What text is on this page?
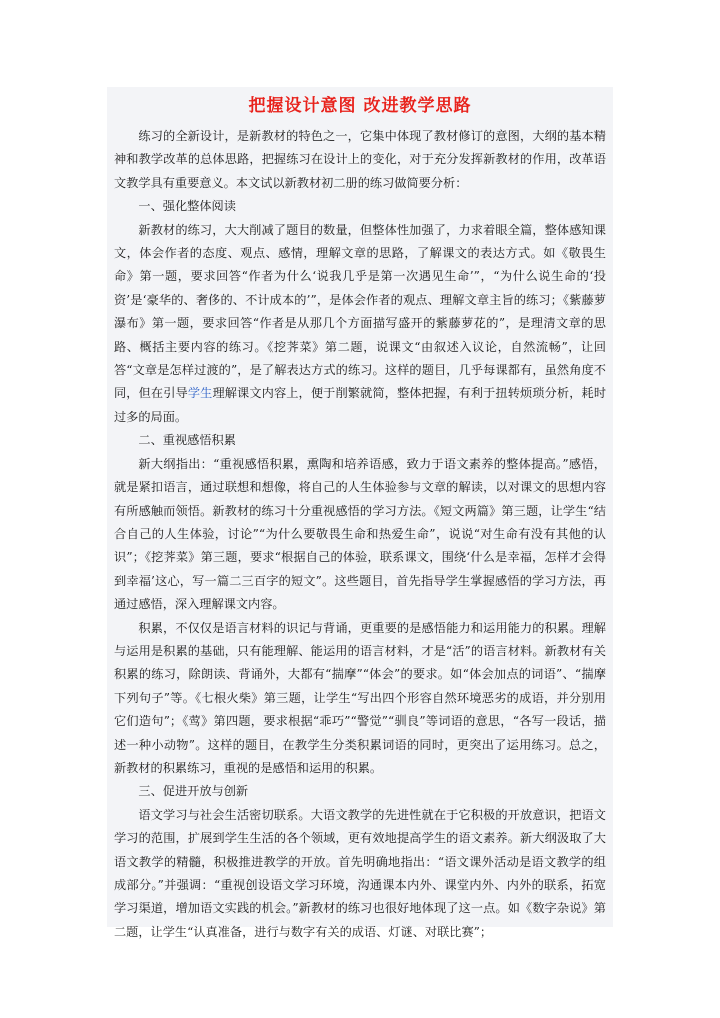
把握设计意图 改进教学思路

练习的全新设计，是新教材的特色之一，它集中体现了教材修订的意图，大纲的基本精神和教学改革的总体思路，把握练习在设计上的变化，对于充分发挥新教材的作用，改革语文教学具有重要意义。本文试以新教材初二册的练习做简要分析：

一、强化整体阅读

新教材的练习，大大削减了题目的数量，但整体性加强了，力求着眼全篇，整体感知课文，体会作者的态度、观点、感情，理解文章的思路，了解课文的表达方式。如《敬畏生命》第一题，要求回答“作者为什么‘说我几乎是第一次遇见生命’”，“为什么说生命的‘投资’是‘豪华的、奢侈的、不计成本的’”，是体会作者的观点、理解文章主旨的练习；《紫藤萝瀑布》第一题，要求回答“作者是从那几个方面描写盛开的紫藤萝花的”，是理清文章的思路、概括主要内容的练习。《挖荠菜》第二题，说课文“由叙述入议论，自然流畅”，让回答“文章是怎样过渡的”，是了解表达方式的练习。这样的题目，几乎每课都有，虽然角度不同，但在引导学生理解课文内容上，便于削繁就简，整体把握，有利于扭转烦琐分析，耗时过多的局面。

二、重视感悟积累

新大纲指出：“重视感悟积累，熏陶和培养语感，致力于语文素养的整体提高。”感悟，就是紧扣语言，通过联想和想像，将自己的人生体验参与文章的解读，以对课文的思想内容有所感触而领悟。新教材的练习十分重视感悟的学习方法。《短文两篇》第三题，让学生“结合自己的人生体验，讨论”“为什么要敬畏生命和热爱生命”，说说“对生命有没有其他的认识”；《挖荠菜》第三题，要求“根据自己的体验，联系课文，围绕‘什么是幸福，怎样才会得到幸福’这心，写一篇二三百字的短文”。这些题目，首先指导学生掌握感悟的学习方法，再通过感悟，深入理解课文内容。

积累，不仅仅是语言材料的识记与背诵，更重要的是感悟能力和运用能力的积累。理解与运用是积累的基础，只有能理解、能运用的语言材料，才是“活”的语言材料。新教材有关积累的练习，除朗读、背诵外，大都有“揣摩”“体会”的要求。如“体会加点的词语”、“揣摩下列句子”等。《七根火柴》第三题，让学生“写出四个形容自然环境恶劣的成语，并分别用它们造句”；《莺》第四题，要求根据“乖巧”“警觉”“驯良”等词语的意思，“各写一段话，描述一种小动物”。这样的题目，在教学生分类积累词语的同时，更突出了运用练习。总之，新教材的积累练习，重视的是感悟和运用的积累。

三、促进开放与创新

语文学习与社会生活密切联系。大语文教学的先进性就在于它积极的开放意识，把语文学习的范围，扩展到学生生活的各个领域，更有效地提高学生的语文素养。新大纲汲取了大语文教学的精髓，积极推进教学的开放。首先明确地指出：“语文课外活动是语文教学的组成部分。”并强调：“重视创设语文学习环境，沟通课本内外、课堂内外、内外的联系，拓宽学习渠道，增加语文实践的机会。”新教材的练习也很好地体现了这一点。如《数字杂说》第二题，让学生“认真准备，进行与数字有关的成语、灯谜、对联比赛”；
